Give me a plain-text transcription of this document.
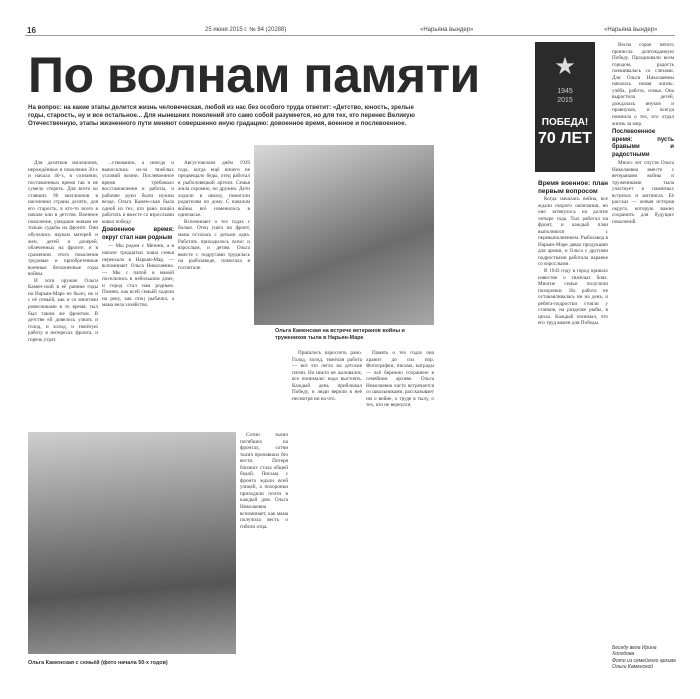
16	25 июня 2015 г. № 84 (20288)	«Нарьяна вындер»	«Нарьяна вындер»
По волнам памяти
На вопрос: на какие этапы делится жизнь человеческая, любой из нас без особого труда ответит: «Детство, юность, зрелые годы, старость, ну и все остальное... Для нынешних поколений это само собой разумеется, но для тех, кто перенес Великую Отечественную, этапы жизненного пути меняют совершенно иную градацию: довоенное время, военное и послевоенное.
Ольга Каменская на встрече ветеранов войны и тружеников тыла в Нарьян-Маре

Для десятков миллионов, нерождённых в поколение 30-х и начала 40-х, в сознании, поставленных время так и не сумело стереть. Для всего ко ставших 90 миллионов в населении страны десяти, для его старость, в кто-то всего в начале или в детстве. Военное поколение, ушедшее живым не только судьбы на фронте. Они обучались наукам матерей и жен, детей и дочерей, облеченных на фронте, и в сражениях этого поколения трудовые и приобретенные военные бесконечные годы войны.

И хотя оружие Ольги Камен-ской в её ранние годы на Нарьян-Маре не было, но и с её семьёй, как и со многими ровесниками в то время, тыл был таким же фронтом. В детстве ей довелось узнать и голод, и холод, и тяжёлую работу в интересах фронта, и горечь утрат.

...ствовании, а иногда и выносились из-за тяжёлых условий жизни. Послевоенное время требовало восстановления и работы, и рабочие руки были нужны везде. Ольга Камен-ская была одной из тех, кто рано пошёл работать и вместе со взрослыми ковал победу.

Довоенное время: округ стал нам родным

— Мы родом с Мезени, а в начале тридцатых наша семья переехала в Нарьян-Мар, — вспоминает Ольга Николаевна. — Мы с папой и мамой поселились в небольшом доме, и город стал нам родным. Помню, как всей семьёй ходили на реку, как отец рыбачил, а мама вела хозяйство.

Августовским днём 1939 года, когда ещё ничего не предвещало беды, отец работал в рыболовецкой артели. Семья жила скромно, но дружно. Дети ходили в школу, помогали родителям по дому. С началом войны всё изменилось в одночасье.

Вспоминает о тех годах с болью. Отец ушёл на фронт, мама осталась с детьми одна. Работать приходилось всем: и взрослым, и детям. Ольга вместе с подругами трудилась на рыбозаводе, помогала в госпитале.

Ольга Каменская с семьёй (фото начала 50-х годов)

Сотни тысяч погибших на фронтах, сотни тысяч пропавших без вести. Потеря близких стала общей бедой. Письма с фронта ждали всей улицей, а похоронки приходили почти в каждый дом. Ольга Николаевна вспоминает, как мама получила весть о гибели отца.

Пришлось взрослеть рано. Голод, холод, тяжёлая работа — всё это легло на детские плечи. Но никто не жаловался, все понимали: надо выстоять. Каждый день приближал Победу, и люди верили в неё несмотря ни на что.

Память о тех годах она хранит до сих пор. Фотографии, письма, награды — всё бережно сохранено в семейном архиве. Ольга Николаевна часто встречается со школьниками, рассказывает им о войне, о труде в тылу, о тех, кто не вернулся.

★
1945
2015
ПОБЕДА!
70 ЛЕТ
Время военное: план первым вопросом

Когда началась война, все ждали скорого окончания, но оно затянулось на долгие четыре года. Тыл работал на фронт, и каждый план выполнялся с перевыполнением. Рыбозавод в Нарьян-Маре давал продукцию для армии, и Ольга с другими подростками работала наравне со взрослыми.

В 1943 году в город пришло известие о тяжёлых боях. Многие семьи получили похоронки. Но работа не останавливалась ни на день, и ребята-подростки стояли у станков, на разделке рыбы, в цехах. Каждый понимал, что его труд важен для Победы.

Весна сорок пятого принесла долгожданную Победу. Праздновали всем городом, радость смешивалась со слезами. Для Ольги Николаевны началась новая жизнь: учёба, работа, семья. Она вырастила детей, дождалась внуков и правнуков, и всегда помнила о тех, кто отдал жизнь за мир.

Послевоенное время: пусть бравыми и радостными

Много лет спустя Ольга Николаевна вместе с ветеранами войны и тружениками тыла участвует в памятных встречах и митингах. Её рассказ — живая история округа, которую важно сохранить для будущих поколений.

Беседу вела Ирина Холодова
Фото из семейного архива
Ольги Каменской
